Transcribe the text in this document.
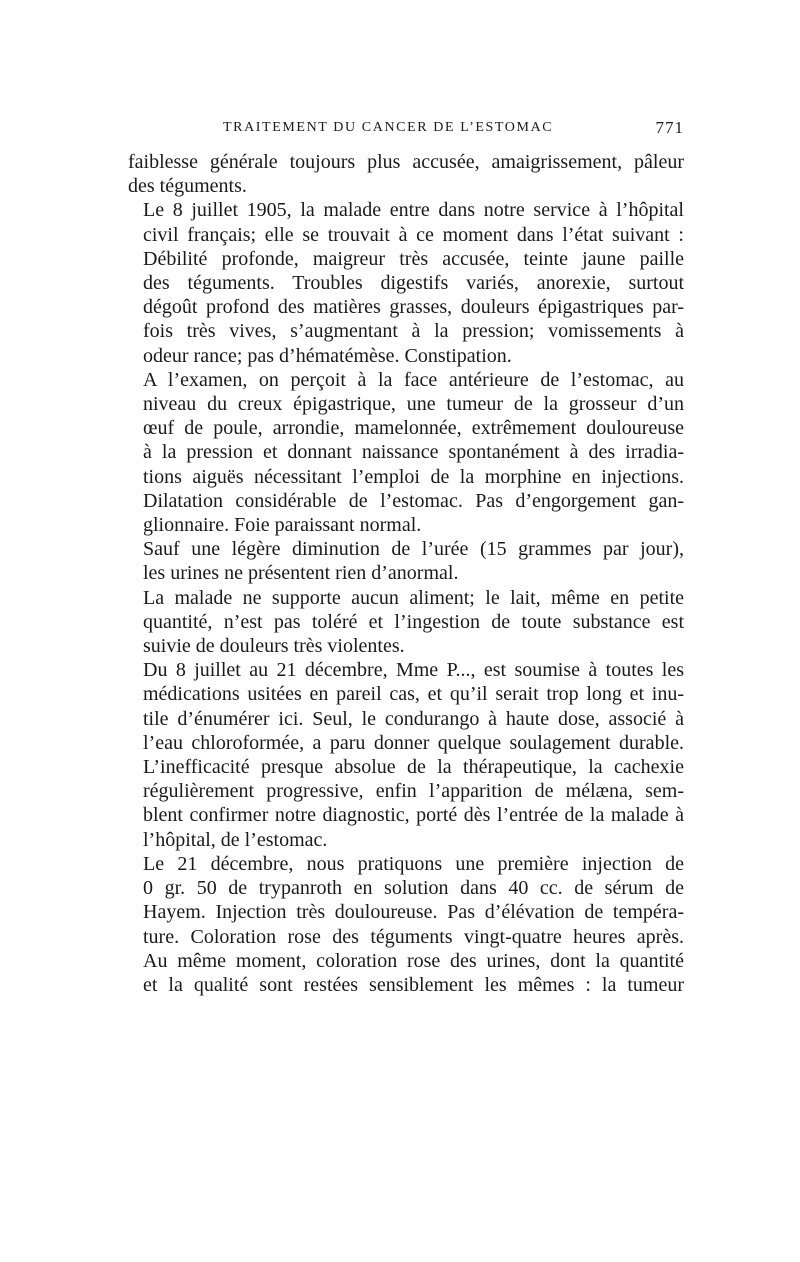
TRAITEMENT DU CANCER DE L’ESTOMAC	771
faiblesse générale toujours plus accusée, amaigrissement, pâleur
des téguments.
Le 8 juillet 1905, la malade entre dans notre service à l’hôpital
civil français; elle se trouvait à ce moment dans l’état suivant :
Débilité profonde, maigreur très accusée, teinte jaune paille
des téguments. Troubles digestifs variés, anorexie, surtout
dégoût profond des matières grasses, douleurs épigastriques par-
fois très vives, s’augmentant à la pression; vomissements à
odeur rance; pas d’hématémèse. Constipation.
A l’examen, on perçoit à la face antérieure de l’estomac, au
niveau du creux épigastrique, une tumeur de la grosseur d’un
œuf de poule, arrondie, mamelonnée, extrêmement douloureuse
à la pression et donnant naissance spontanément à des irradia-
tions aiguës nécessitant l’emploi de la morphine en injections.
Dilatation considérable de l’estomac. Pas d’engorgement gan-
glionnaire. Foie paraissant normal.
Sauf une légère diminution de l’urée (15 grammes par jour),
les urines ne présentent rien d’anormal.
La malade ne supporte aucun aliment; le lait, même en petite
quantité, n’est pas toléré et l’ingestion de toute substance est
suivie de douleurs très violentes.
Du 8 juillet au 21 décembre, Mme P..., est soumise à toutes les
médications usitées en pareil cas, et qu’il serait trop long et inu-
tile d’énumérer ici. Seul, le condurango à haute dose, associé à
l’eau chloroformée, a paru donner quelque soulagement durable.
L’inefficacité presque absolue de la thérapeutique, la cachexie
régulièrement progressive, enfin l’apparition de mélæna, sem-
blent confirmer notre diagnostic, porté dès l’entrée de la malade à
l’hôpital, de l’estomac.
Le 21 décembre, nous pratiquons une première injection de
0 gr. 50 de trypanroth en solution dans 40 cc. de sérum de
Hayem. Injection très douloureuse. Pas d’élévation de tempéra-
ture. Coloration rose des téguments vingt-quatre heures après.
Au même moment, coloration rose des urines, dont la quantité
et la qualité sont restées sensiblement les mêmes : la tumeur
